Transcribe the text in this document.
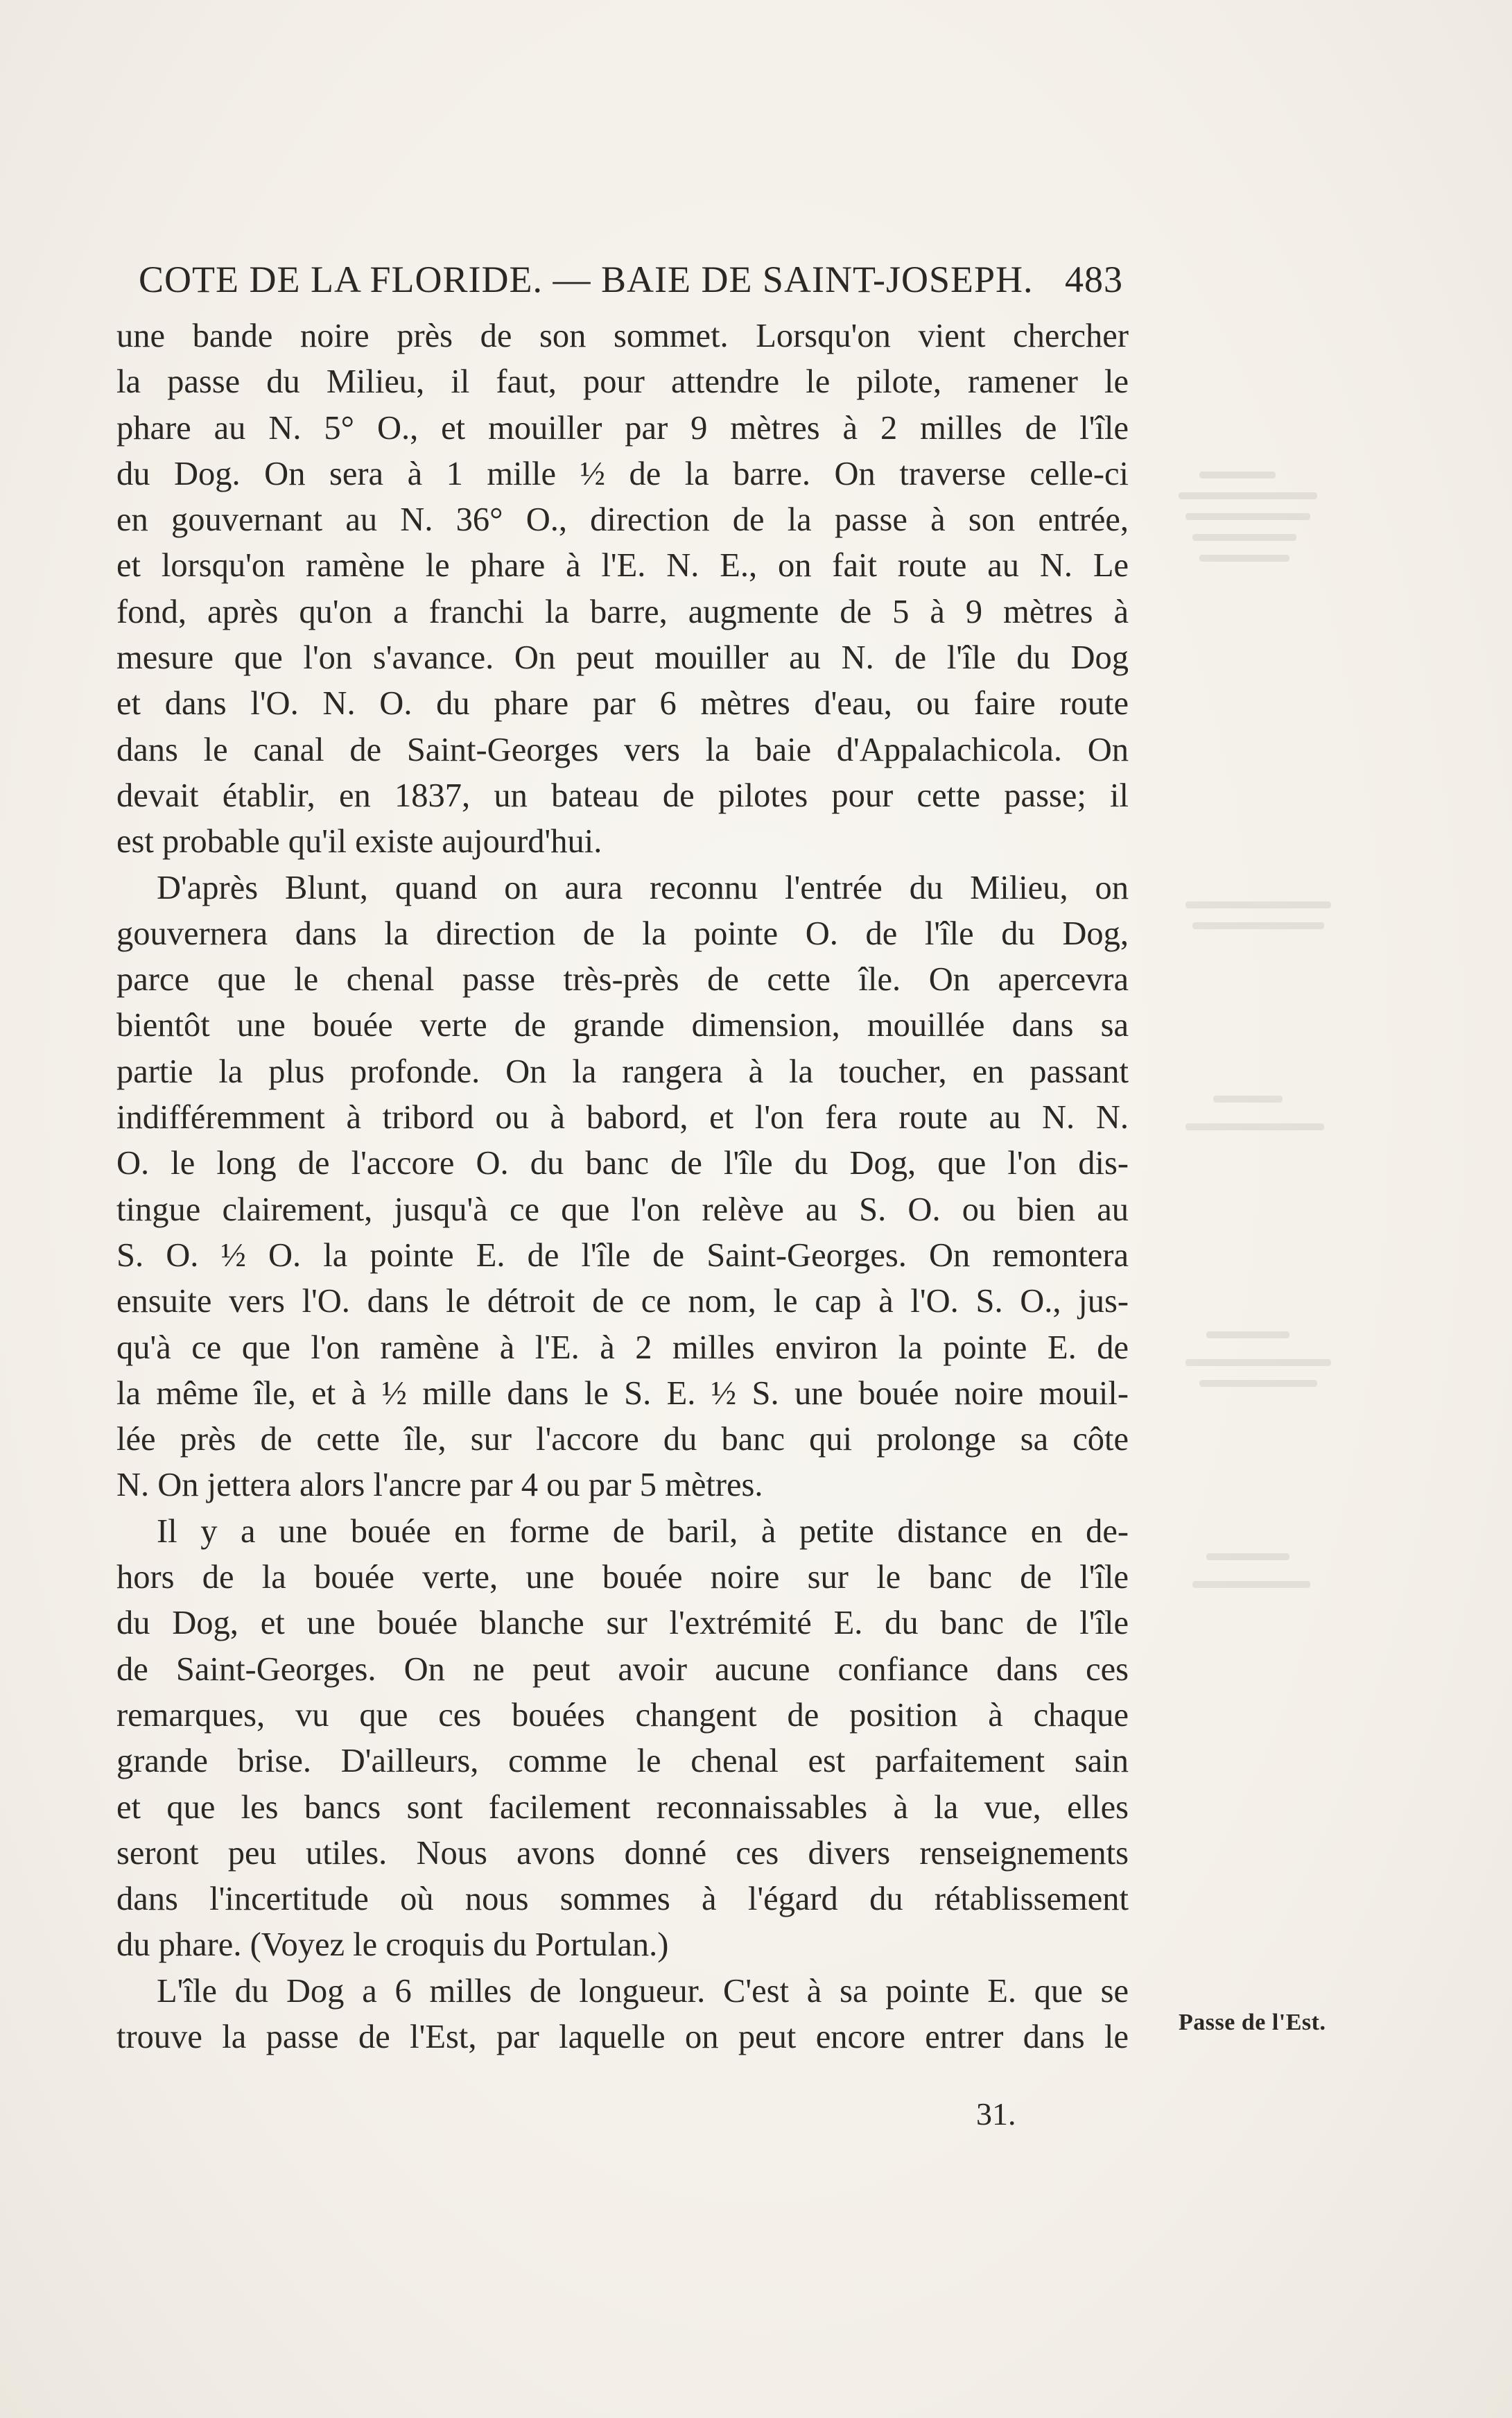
COTE DE LA FLORIDE. — BAIE DE SAINT-JOSEPH. 483
une bande noire près de son sommet. Lorsqu'on vient chercher
la passe du Milieu, il faut, pour attendre le pilote, ramener le
phare au N. 5° O., et mouiller par 9 mètres à 2 milles de l'île
du Dog. On sera à 1 mille ½ de la barre. On traverse celle-ci
en gouvernant au N. 36° O., direction de la passe à son entrée,
et lorsqu'on ramène le phare à l'E. N. E., on fait route au N. Le
fond, après qu'on a franchi la barre, augmente de 5 à 9 mètres à
mesure que l'on s'avance. On peut mouiller au N. de l'île du Dog
et dans l'O. N. O. du phare par 6 mètres d'eau, ou faire route
dans le canal de Saint-Georges vers la baie d'Appalachicola. On
devait établir, en 1837, un bateau de pilotes pour cette passe; il
est probable qu'il existe aujourd'hui.
D'après Blunt, quand on aura reconnu l'entrée du Milieu, on
gouvernera dans la direction de la pointe O. de l'île du Dog,
parce que le chenal passe très-près de cette île. On apercevra
bientôt une bouée verte de grande dimension, mouillée dans sa
partie la plus profonde. On la rangera à la toucher, en passant
indifféremment à tribord ou à babord, et l'on fera route au N. N.
O. le long de l'accore O. du banc de l'île du Dog, que l'on dis-
tingue clairement, jusqu'à ce que l'on relève au S. O. ou bien au
S. O. ½ O. la pointe E. de l'île de Saint-Georges. On remontera
ensuite vers l'O. dans le détroit de ce nom, le cap à l'O. S. O., jus-
qu'à ce que l'on ramène à l'E. à 2 milles environ la pointe E. de
la même île, et à ½ mille dans le S. E. ½ S. une bouée noire mouil-
lée près de cette île, sur l'accore du banc qui prolonge sa côte
N. On jettera alors l'ancre par 4 ou par 5 mètres.
Il y a une bouée en forme de baril, à petite distance en de-
hors de la bouée verte, une bouée noire sur le banc de l'île
du Dog, et une bouée blanche sur l'extrémité E. du banc de l'île
de Saint-Georges. On ne peut avoir aucune confiance dans ces
remarques, vu que ces bouées changent de position à chaque
grande brise. D'ailleurs, comme le chenal est parfaitement sain
et que les bancs sont facilement reconnaissables à la vue, elles
seront peu utiles. Nous avons donné ces divers renseignements
dans l'incertitude où nous sommes à l'égard du rétablissement
du phare. (Voyez le croquis du Portulan.)
L'île du Dog a 6 milles de longueur. C'est à sa pointe E. que se
trouve la passe de l'Est, par laquelle on peut encore entrer dans le Passe de l'Est.
31.
